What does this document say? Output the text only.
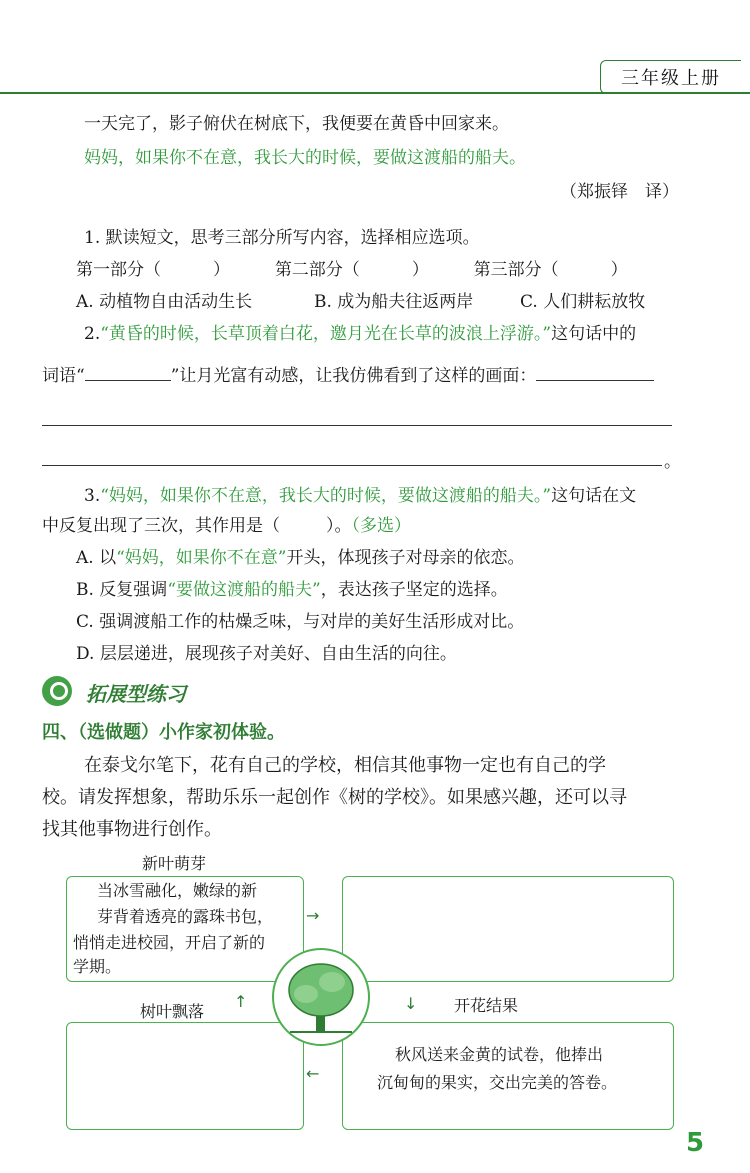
三年级上册
一天完了，影子俯伏在树底下，我便要在黄昏中回家来。
妈妈，如果你不在意，我长大的时候，要做这渡船的船夫。
（郑振铎　译）
1. 默读短文，思考三部分所写内容，选择相应选项。
第一部分（	）	第二部分（	）	第三部分（	）
A. 动植物自由活动生长	B. 成为船夫往返两岸	C. 人们耕耘放牧
2.“黄昏的时候，长草顶着白花，邀月光在长草的波浪上浮游。”这句话中的
词语“	”让月光富有动感，让我仿佛看到了这样的画面：
。
3.“妈妈，如果你不在意，我长大的时候，要做这渡船的船夫。”这句话在文
中反复出现了三次，其作用是（	）。（多选）
A. 以“妈妈，如果你不在意”开头，体现孩子对母亲的依恋。
B. 反复强调“要做这渡船的船夫”，表达孩子坚定的选择。
C. 强调渡船工作的枯燥乏味，与对岸的美好生活形成对比。
D. 层层递进，展现孩子对美好、自由生活的向往。
拓展型练习
四、（选做题）小作家初体验。
在泰戈尔笔下，花有自己的学校，相信其他事物一定也有自己的学
校。请发挥想象，帮助乐乐一起创作《树的学校》。如果感兴趣，还可以寻
找其他事物进行创作。
新叶萌芽
树叶飘落	开花结果
当冰雪融化，嫩绿的新
芽背着透亮的露珠书包，
悄悄走进校园，开启了新的
学期。
秋风送来金黄的试卷，他捧出
沉甸甸的果实，交出完美的答卷。
→
↓
←
↑
5
